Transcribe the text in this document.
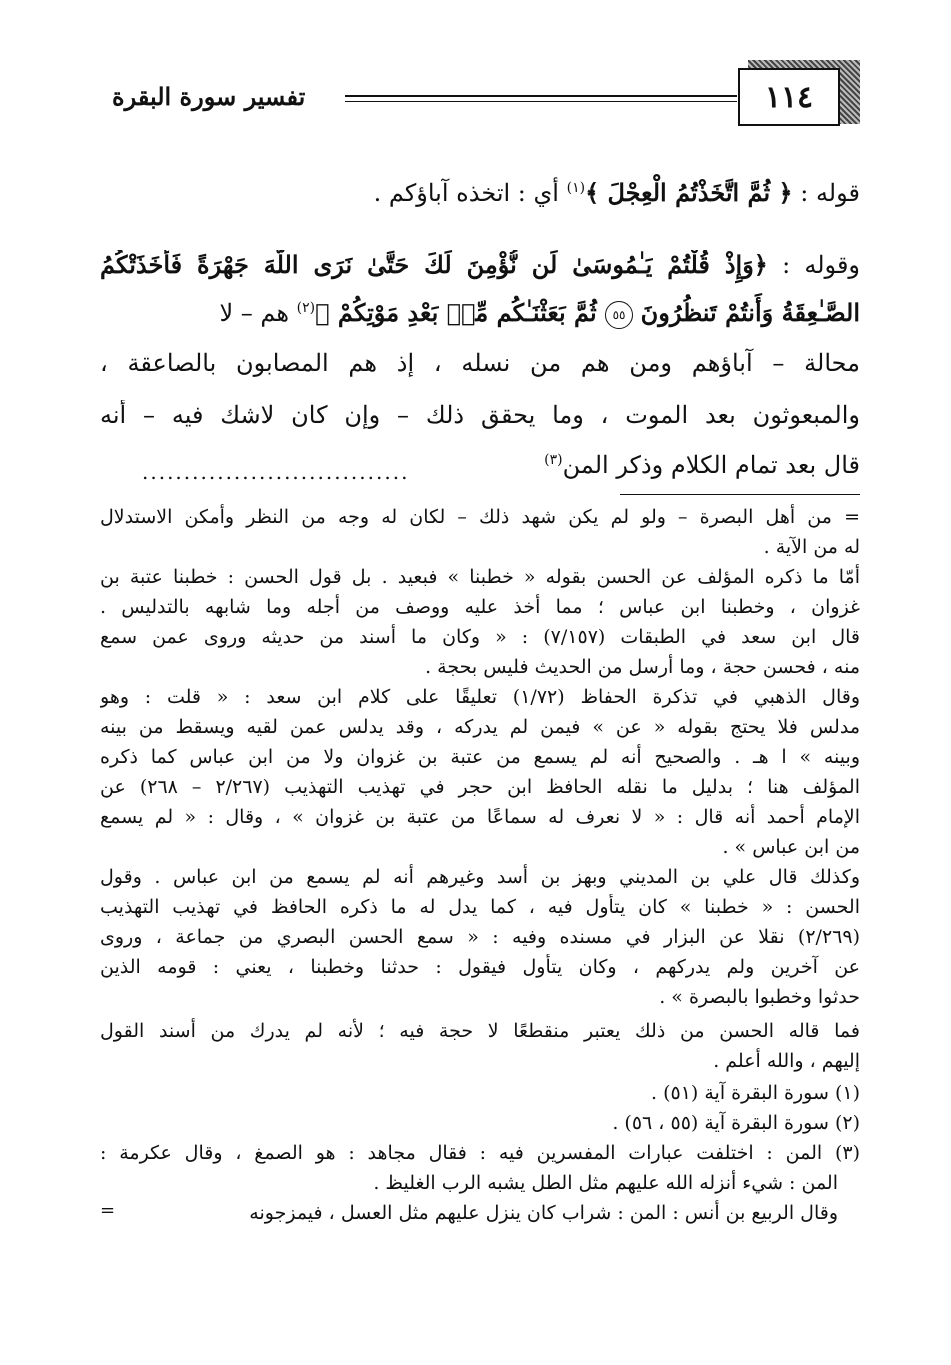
تفسير سورة البقرة	١١٤
قوله : ﴿ ثُمَّ اتَّخَذْتُمُ الْعِجْلَ ﴾$^{(١)}$ أي : اتخذه آباؤكم .
وقوله : ﴿وَإِذْ قُلْتُمْ يَـٰمُوسَىٰ لَن نُّؤْمِنَ لَكَ حَتَّىٰ نَرَى اللَّهَ جَهْرَةً فَأَخَذَتْكُمُ
الصَّـٰعِقَةُ وَأَنتُمْ تَنظُرُونَ ٥٥ ثُمَّ بَعَثْنَـٰكُم مِّنۢ بَعْدِ مَوْتِكُمْ ﴾$^{(٢)}$ هم – لا
محالة – آباؤهم ومن هم من نسله ، إذ هم المصابون بالصاعقة ،
والمبعوثون بعد الموت ، وما يحقق ذلك – وإن كان لاشك فيه – أنه
قال بعد تمام الكلام وذكر المن$^{(٣)}$
................................
= من أهل البصرة – ولو لم يكن شهد ذلك – لكان له وجه من النظر وأمكن الاستدلال
له من الآية .
أمّا ما ذكره المؤلف عن الحسن بقوله « خطبنا » فبعيد . بل قول الحسن : خطبنا عتبة بن
غزوان ، وخطبنا ابن عباس ؛ مما أخذ عليه ووصف من أجله وما شابهه بالتدليس .
قال ابن سعد في الطبقات (٧/١٥٧) : « وكان ما أسند من حديثه وروى عمن سمع
منه ، فحسن حجة ، وما أرسل من الحديث فليس بحجة .
وقال الذهبي في تذكرة الحفاظ (١/٧٢) تعليقًا على كلام ابن سعد : « قلت : وهو
مدلس فلا يحتج بقوله « عن » فيمن لم يدركه ، وقد يدلس عمن لقيه ويسقط من بينه
وبينه » ا هـ . والصحيح أنه لم يسمع من عتبة بن غزوان ولا من ابن عباس كما ذكره
المؤلف هنا ؛ بدليل ما نقله الحافظ ابن حجر في تهذيب التهذيب (٢/٢٦٧ – ٢٦٨) عن
الإمام أحمد أنه قال : « لا نعرف له سماعًا من عتبة بن غزوان » ، وقال : « لم يسمع
من ابن عباس » .
وكذلك قال علي بن المديني وبهز بن أسد وغيرهم أنه لم يسمع من ابن عباس . وقول
الحسن : « خطبنا » كان يتأول فيه ، كما يدل له ما ذكره الحافظ في تهذيب التهذيب
(٢/٢٦٩) نقلا عن البزار في مسنده وفيه : « سمع الحسن البصري من جماعة ، وروى
عن آخرين ولم يدركهم ، وكان يتأول فيقول : حدثنا وخطبنا ، يعني : قومه الذين
حدثوا وخطبوا بالبصرة » .
فما قاله الحسن من ذلك يعتبر منقطعًا لا حجة فيه ؛ لأنه لم يدرك من أسند القول
إليهم ، والله أعلم .
(١) سورة البقرة آية (٥١) .
(٢) سورة البقرة آية (٥٥ ، ٥٦) .
(٣) المن : اختلفت عبارات المفسرين فيه : فقال مجاهد : هو الصمغ ، وقال عكرمة :
المن : شيء أنزله الله عليهم مثل الطل يشبه الرب الغليظ .
وقال الربيع بن أنس : المن : شراب كان ينزل عليهم مثل العسل ، فيمزجونه
=
